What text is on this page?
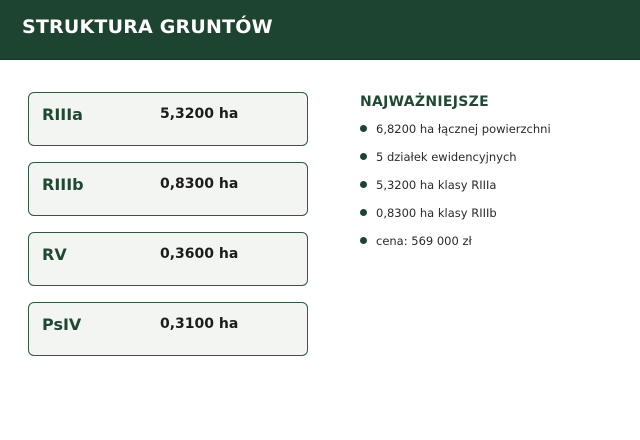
STRUKTURA GRUNTÓW
RIIIa	5,3200 ha
RIIIb	0,8300 ha
RV	0,3600 ha
PsIV	0,3100 ha
NAJWAŻNIEJSZE
6,8200 ha łącznej powierzchni
5 działek ewidencyjnych
5,3200 ha klasy RIIIa
0,8300 ha klasy RIIIb
cena: 569 000 zł
